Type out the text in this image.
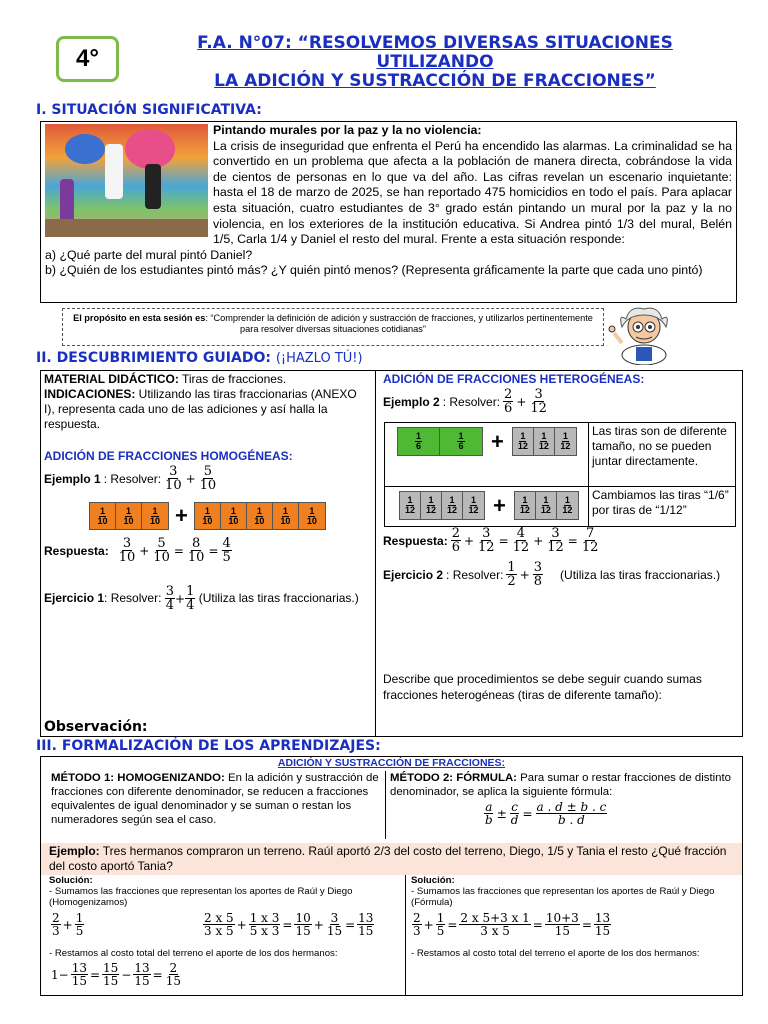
4°
F.A. N°07: “RESOLVEMOS DIVERSAS SITUACIONES UTILIZANDO
LA ADICIÓN Y SUSTRACCIÓN DE FRACCIONES”
I. SITUACIÓN SIGNIFICATIVA:
Pintando murales por la paz y la no violencia:
La crisis de inseguridad que enfrenta el Perú ha encendido las alarmas. La criminalidad se ha convertido en un problema que afecta a la población de manera directa, cobrándose la vida de cientos de personas en lo que va del año. Las cifras revelan un escenario inquietante: hasta el 18 de marzo de 2025, se han reportado 475 homicidios en todo el país. Para aplacar esta situación, cuatro estudiantes de 3° grado están pintando un mural por la paz y la no violencia, en los exteriores de la institución educativa. Si Andrea pintó 1/3 del mural, Belén 1/5, Carla 1/4 y Daniel el resto del mural. Frente a esta situación responde:
a) ¿Qué parte del mural pintó Daniel?
b) ¿Quién de los estudiantes pintó más? ¿Y quién pintó menos? (Representa gráficamente la parte que cada uno pintó)
El propósito en esta sesión es: “Comprender la definición de adición y sustracción de fracciones, y utilizarlos pertinentemente para resolver diversas situaciones cotidianas”
II. DESCUBRIMIENTO GUIADO: (¡HAZLO TÚ!)
MATERIAL DIDÁCTICO: Tiras de fracciones.
INDICACIONES: Utilizando las tiras fraccionarias (ANEXO I), representa cada uno de las adiciones y así halla la respuesta.
ADICIÓN DE FRACCIONES HOMOGÉNEAS:
Ejemplo 1 : Resolver: $\frac{3}{10} + \frac{5}{10}$
1
10
1
10
1
10 + 1
10
1
10
1
10
1
10
1
10
Respuesta: $\frac{3}{10} + \frac{5}{10} = \frac{8}{10} = \frac{4}{5}$
Ejercicio 1: Resolver: $\frac{3}{4} + \frac{1}{4}$ (Utiliza las tiras fraccionarias.)
Observación:
ADICIÓN DE FRACCIONES HETEROGÉNEAS:
Ejemplo 2 : Resolver: $\frac{2}{6} + \frac{3}{12}$
1
6
1
6 + 1
12
1
12
1
12
1
12
1
12
1
12
1
12 + 1
12
1
12
1
12
Las tiras son de diferente tamaño, no se pueden juntar directamente.
Cambiamos las tiras “1/6” por tiras de “1/12”
Respuesta: $\frac{2}{6} + \frac{3}{12} = \frac{4}{12} + \frac{3}{12} = \frac{7}{12}$
Ejercicio 2 : Resolver: $\frac{1}{2} + \frac{3}{8}$ (Utiliza las tiras fraccionarias.)
Describe que procedimientos se debe seguir cuando sumas fracciones heterogéneas (tiras de diferente tamaño):
III. FORMALIZACIÓN DE LOS APRENDIZAJES:
ADICIÓN Y SUSTRACCIÓN DE FRACCIONES:
MÉTODO 1: HOMOGENIZANDO: En la adición y sustracción de fracciones con diferente denominador, se reducen a fracciones equivalentes de igual denominador y se suman o restan los numeradores según sea el caso.
MÉTODO 2: FÓRMULA: Para sumar o restar fracciones de distinto denominador, se aplica la siguiente fórmula:
$\frac{a}{b} \pm \frac{c}{d} = \frac{a . d \pm b . c}{b . d}$
Ejemplo: Tres hermanos compraron un terreno. Raúl aportó 2/3 del costo del terreno, Diego, 1/5 y Tania el resto ¿Qué fracción del costo aportó Tania?
Solución:
- Sumamos las fracciones que representan los aportes de Raúl y Diego (Homogenizamos)
$\frac{2}{3} + \frac{1}{5}$	$\frac{2 x 5}{3 x 5} + \frac{1 x 3}{5 x 3} = \frac{10}{15} + \frac{3}{15} = \frac{13}{15}$
- Restamos al costo total del terreno el aporte de los dos hermanos:
$1- \frac{13}{15} = \frac{15}{15} - \frac{13}{15} = \frac{2}{15}$
Solución:
- Sumamos las fracciones que representan los aportes de Raúl y Diego (Fórmula)
$\frac{2}{3} + \frac{1}{5} = \frac{2 x 5+3 x 1}{3 x 5} = \frac{10+3}{15} = \frac{13}{15}$
- Restamos al costo total del terreno el aporte de los dos hermanos:
